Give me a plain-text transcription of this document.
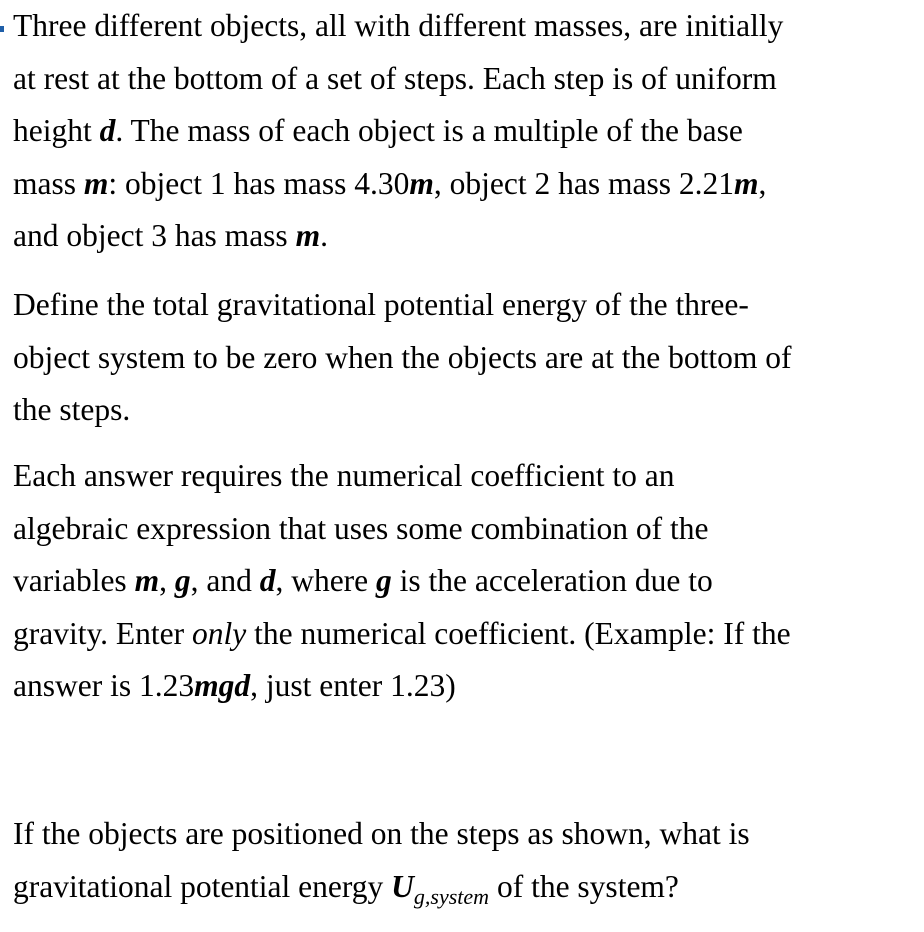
Three different objects, all with different masses, are initially
at rest at the bottom of a set of steps. Each step is of uniform
height d. The mass of each object is a multiple of the base
mass m: object 1 has mass 4.30m, object 2 has mass 2.21m,
and object 3 has mass m.
Define the total gravitational potential energy of the three-
object system to be zero when the objects are at the bottom of
the steps.
Each answer requires the numerical coefficient to an
algebraic expression that uses some combination of the
variables m, g, and d, where g is the acceleration due to
gravity. Enter only the numerical coefficient. (Example: If the
answer is 1.23mgd, just enter 1.23)
If the objects are positioned on the steps as shown, what is
gravitational potential energy $U_{g,system}$ of the system?
